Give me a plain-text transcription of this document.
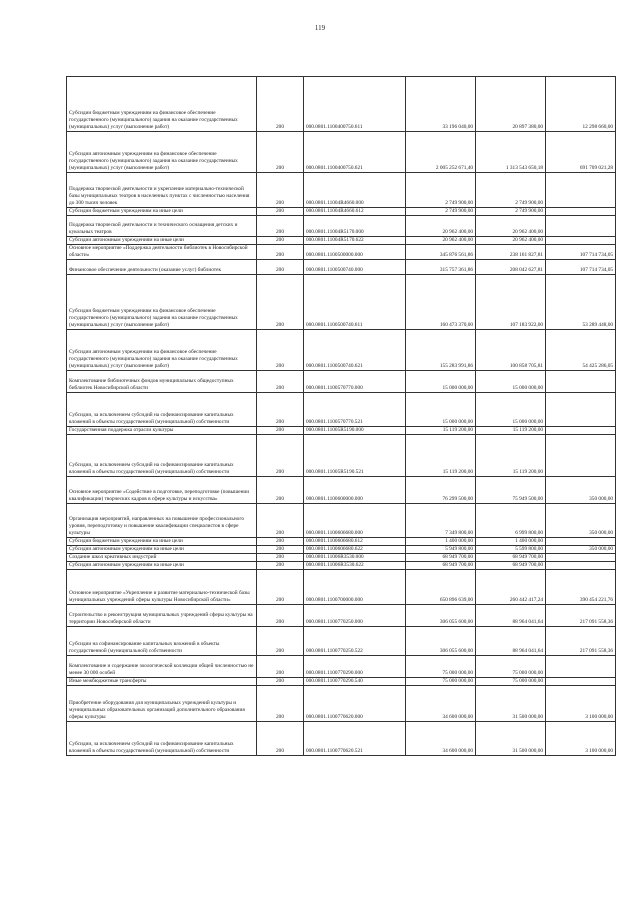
119
Субсидии бюджетным учреждениям на финансовое обеспечение государственного (муниципального) задания на оказание государственных (муниципальных) услуг (выполнение работ)	200	000.0801.1100400750.611	33 196 040,00	20 897 380,00	12 298 660,00

Субсидии автономным учреждениям на финансовое обеспечение государственного (муниципального) задания на оказание государственных (муниципальных) услуг (выполнение работ)	200	000.0801.1100400750.621	2 005 252 671,40	1 313 543 650,18	691 709 021,28

Поддержка творческой деятельности и укрепление материально-технической базы муниципальных театров в населенных пунктах с численностью населения до 300 тысяч человек	200	000.0801.11004R4660.000	2 749 900,00	2 749 900,00	

Субсидии бюджетным учреждениям на иные цели	200	000.0801.11004R4660.612	2 749 900,00	2 749 900,00	

Поддержка творческой деятельности и технического оснащения детских и кукольных театров	200	000.0801.11004R5170.000	20 962 400,00	20 962 400,00	

Субсидии автономным учреждениям на иные цели	200	000.0801.11004R5170.622	20 962 400,00	20 962 400,00	

Основное мероприятие «Поддержка деятельности библиотек в Новосибирской области»	200	000.0801.1100500000.000	345 876 561,86	238 161 827,81	107 714 734,05

Финансовое обеспечение деятельности (оказание услуг) библиотек	200	000.0801.1100500740.000	315 757 361,86	208 042 627,81	107 714 734,05

Субсидии бюджетным учреждениям на финансовое обеспечение государственного (муниципального) задания на оказание государственных (муниципальных) услуг (выполнение работ)	200	000.0801.1100500740.611	160 473 370,00	107 183 922,00	53 289 448,00

Субсидии автономным учреждениям на финансовое обеспечение государственного (муниципального) задания на оказание государственных (муниципальных) услуг (выполнение работ)	200	000.0801.1100500740.621	155 283 991,86	100 858 705,81	54 425 286,05

Комплектование библиотечных фондов муниципальных общедоступных библиотек Новосибирской области	200	000.0801.1100570770.000	15 000 000,00	15 000 000,00	

Субсидии, за исключением субсидий на софинансирование капитальных вложений в объекты государственной (муниципальной) собственности	200	000.0801.1100570770.521	15 000 000,00	15 000 000,00	

Государственная поддержка отрасли культуры	200	000.0801.11005R5190.000	15 119 200,00	15 119 200,00	

Субсидии, за исключением субсидий на софинансирование капитальных вложений в объекты государственной (муниципальной) собственности	200	000.0801.11005R5190.521	15 119 200,00	15 119 200,00	

Основное мероприятие «Содействие в подготовке, переподготовке (повышении квалификации) творческих кадров в сфере культуры и искусства»	200	000.0801.1100600000.000	76 299 500,00	75 949 500,00	350 000,00

Организация мероприятий, направленных на повышение профессионального уровня, переподготовку и повышение квалификации специалистов в сфере культуры	200	000.0801.1100606680.000	7 349 800,00	6 999 800,00	350 000,00

Субсидии бюджетным учреждениям на иные цели	200	000.0801.1100606680.612	1 400 000,00	1 400 000,00	

Субсидии автономным учреждениям на иные цели	200	000.0801.1100606680.622	5 949 800,00	5 599 800,00	350 000,00

Создание школ креативных индустрий	200	000.0801.11006R3530.000	68 949 700,00	68 949 700,00	

Субсидии автономным учреждениям на иные цели	200	000.0801.11006R3530.622	68 949 700,00	68 949 700,00	

Основное мероприятие «Укрепление и развитие материально-технической базы муниципальных учреждений сферы культуры Новосибирской области»	200	000.0801.1100700000.000	650 896 639,00	260 442 417,24	390 454 221,76

Строительство и реконструкция муниципальных учреждений сферы культуры на территории Новосибирской области	200	000.0801.1100770250.000	306 055 600,00	88 964 041,64	217 091 558,36

Субсидии на софинансирование капитальных вложений в объекты государственной (муниципальной) собственности	200	000.0801.1100770250.522	306 055 600,00	88 964 041,64	217 091 558,36

Комплектование и содержание зоологической коллекции общей численностью не менее 30 000 особей	200	000.0801.1100770290.000	75 000 000,00	75 000 000,00	

Иные межбюджетные трансферты	200	000.0801.1100770290.540	75 000 000,00	75 000 000,00	

Приобретение оборудования для муниципальных учреждений культуры и муниципальных образовательных организаций дополнительного образования сферы культуры	200	000.0801.1100770620.000	34 600 000,00	31 500 000,00	3 100 000,00

Субсидии, за исключением субсидий на софинансирование капитальных вложений в объекты государственной (муниципальной) собственности	200	000.0801.1100770620.521	34 600 000,00	31 500 000,00	3 100 000,00
